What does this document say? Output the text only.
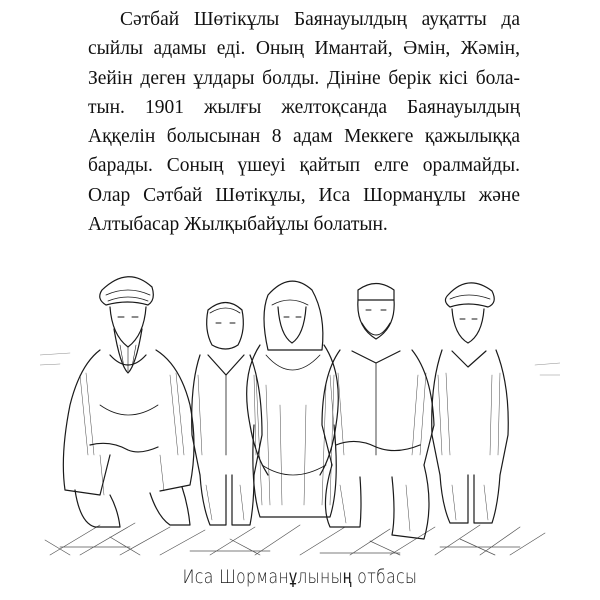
Сәтбай Шөтікұлы Баянауылдың ауқатты да
сыйлы адамы еді. Оның Имантай, Әмін, Жәмін,
Зейін деген ұлдары болды. Дініне берік кісі бола-
тын. 1901 жылғы желтоқсанда Баянауылдың
Аққелін болысынан 8 адам Меккеге қажылыққа
барады. Соның үшеуі қайтып елге оралмайды.
Олар Сәтбай Шөтікұлы, Иса Шорманұлы және
Алтыбасар Жылқыбайұлы болатын.
Иса Шорманұлының отбасы
